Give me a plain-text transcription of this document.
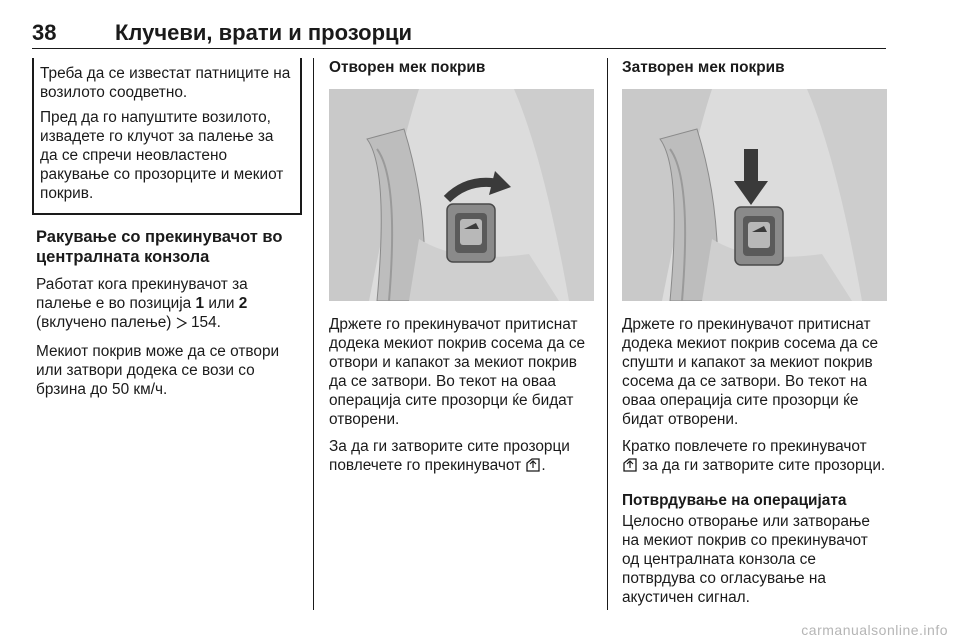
38	Клучеви, врати и прозорци

Треба да се известат патниците на возилото соодветно.

Пред да го напуштите возилото, извадете го клучот за палење за да се спречи неовластено ракување со прозорците и мекиот покрив.

Ракување со прекинувачот во централната конзола

Работат кога прекинувачот за палење е во позиција 1 или 2 (вклучено палење)  154.

Мекиот покрив може да се отвори или затвори додека се вози со брзина до 50 км/ч.

Отворен мек покрив

Држете го прекинувачот притиснат додека мекиот покрив сосема да се отвори и капакот за мекиот покрив да се затвори. Во текот на оваа операција сите прозорци ќе бидат отворени.

За да ги затворите сите прозорци повлечете го прекинувачот .

Затворен мек покрив

Држете го прекинувачот притиснат додека мекиот покрив сосема да се спушти и капакот за мекиот покрив сосема да се затвори. Во текот на оваа операција сите прозорци ќе бидат отворени.

Кратко повлечете го прекинувачот  за да ги затворите сите прозорци.

Потврдување на операцијата

Целосно отворање или затворање на мекиот покрив со прекинувачот од централната конзола се потврдува со огласување на акустичен сигнал.

carmanualsonline.info
